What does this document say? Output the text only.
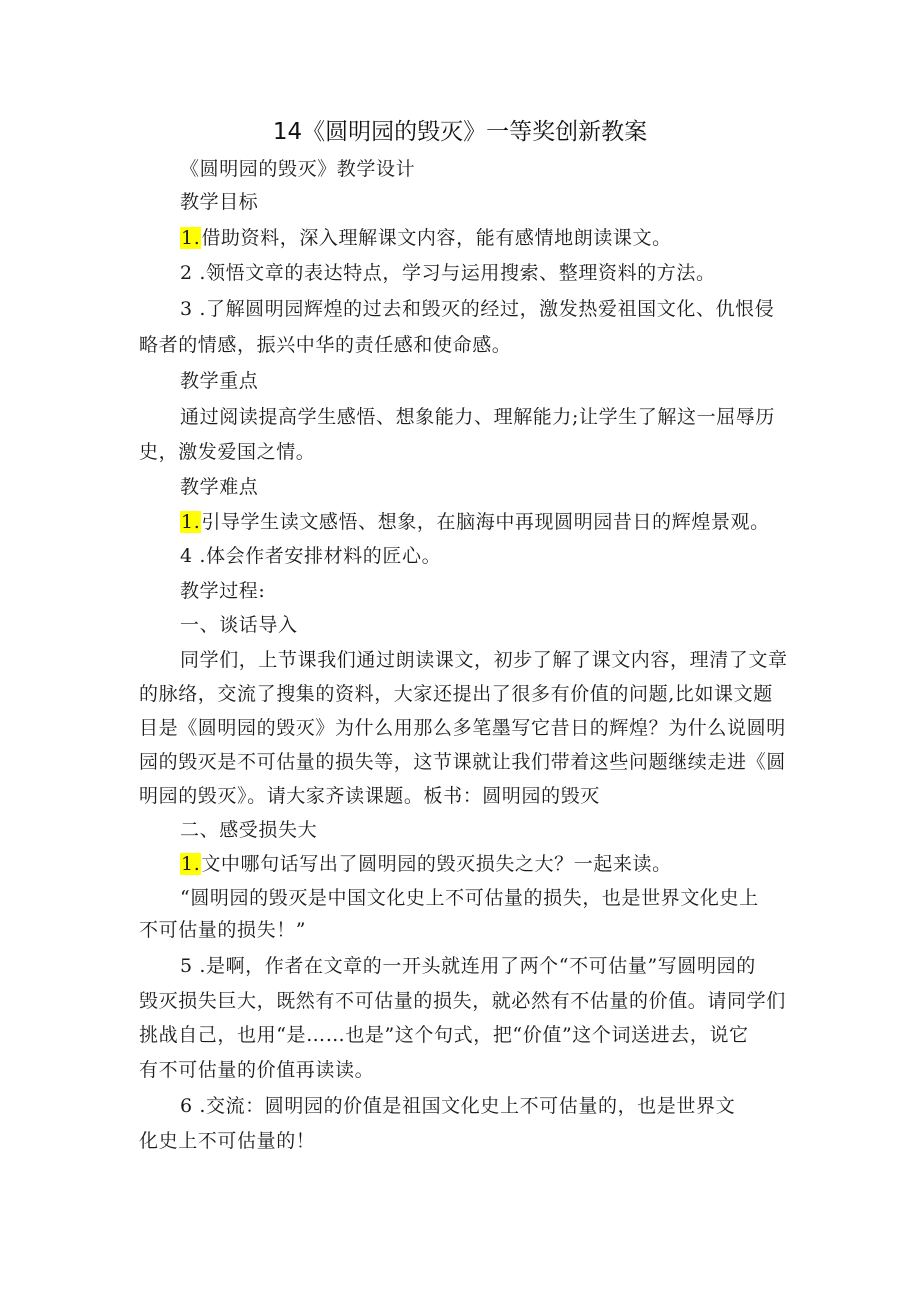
14《圆明园的毁灭》一等奖创新教案
《圆明园的毁灭》教学设计
教学目标
1.借助资料，深入理解课文内容，能有感情地朗读课文。
2 .领悟文章的表达特点，学习与运用搜索、整理资料的方法。
3 .了解圆明园辉煌的过去和毁灭的经过，激发热爱祖国文化、仇恨侵
略者的情感，振兴中华的责任感和使命感。
教学重点
通过阅读提高学生感悟、想象能力、理解能力;让学生了解这一屈辱历
史，激发爱国之情。
教学难点
1.引导学生读文感悟、想象，在脑海中再现圆明园昔日的辉煌景观。
4 .体会作者安排材料的匠心。
教学过程:
一、谈话导入
同学们，上节课我们通过朗读课文，初步了解了课文内容，理清了文章
的脉络，交流了搜集的资料，大家还提出了很多有价值的问题,比如课文题
目是《圆明园的毁灭》为什么用那么多笔墨写它昔日的辉煌？为什么说圆明
园的毁灭是不可估量的损失等，这节课就让我们带着这些问题继续走进《圆
明园的毁灭》。请大家齐读课题。板书：圆明园的毁灭
二、感受损失大
1.文中哪句话写出了圆明园的毁灭损失之大？一起来读。
“圆明园的毁灭是中国文化史上不可估量的损失，也是世界文化史上
不可估量的损失！”
5 .是啊，作者在文章的一开头就连用了两个“不可估量”写圆明园的
毁灭损失巨大，既然有不可估量的损失，就必然有不估量的价值。请同学们
挑战自己，也用“是……也是”这个句式，把“价值”这个词送进去，说它
有不可估量的价值再读读。
6 .交流：圆明园的价值是祖国文化史上不可估量的，也是世界文
化史上不可估量的！
